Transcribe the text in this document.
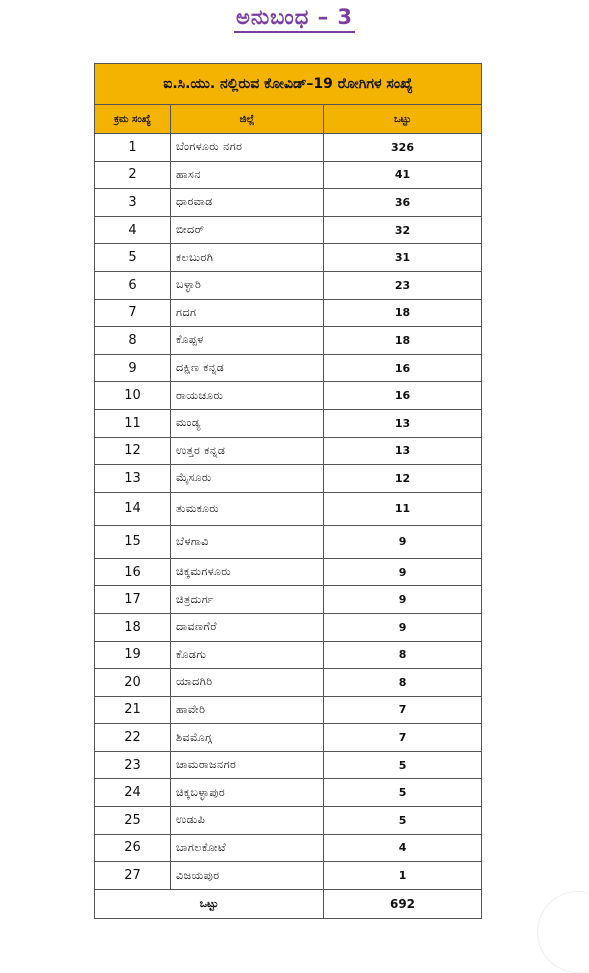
ಅನುಬಂಧ – 3
ಐ.ಸಿ.ಯು. ನಲ್ಲಿರುವ ಕೋವಿಡ್–19 ರೋಗಿಗಳ ಸಂಖ್ಯೆ		
ಕ್ರಮ ಸಂಖ್ಯೆ	ಜಿಲ್ಲೆ	ಒಟ್ಟು
1	ಬೆಂಗಳೂರು ನಗರ	326
2	ಹಾಸನ	41
3	ಧಾರವಾಡ	36
4	ಬೀದರ್	32
5	ಕಲಬುರಗಿ	31
6	ಬಳ್ಳಾರಿ	23
7	ಗದಗ	18
8	ಕೊಪ್ಪಳ	18
9	ದಕ್ಷಿಣ ಕನ್ನಡ	16
10	ರಾಯಚೂರು	16
11	ಮಂಡ್ಯ	13
12	ಉತ್ತರ ಕನ್ನಡ	13
13	ಮೈಸೂರು	12
14	ತುಮಕೂರು	11
15	ಬೆಳಗಾವಿ	9
16	ಚಿಕ್ಕಮಗಳೂರು	9
17	ಚಿತ್ರದುರ್ಗ	9
18	ದಾವಣಗೆರೆ	9
19	ಕೊಡಗು	8
20	ಯಾದಗಿರಿ	8
21	ಹಾವೇರಿ	7
22	ಶಿವಮೊಗ್ಗ	7
23	ಚಾಮರಾಜನಗರ	5
24	ಚಿಕ್ಕಬಳ್ಳಾಪುರ	5
25	ಉಡುಪಿ	5
26	ಬಾಗಲಕೋಟೆ	4
27	ವಿಜಯಪುರ	1
ಒಟ್ಟು		692
